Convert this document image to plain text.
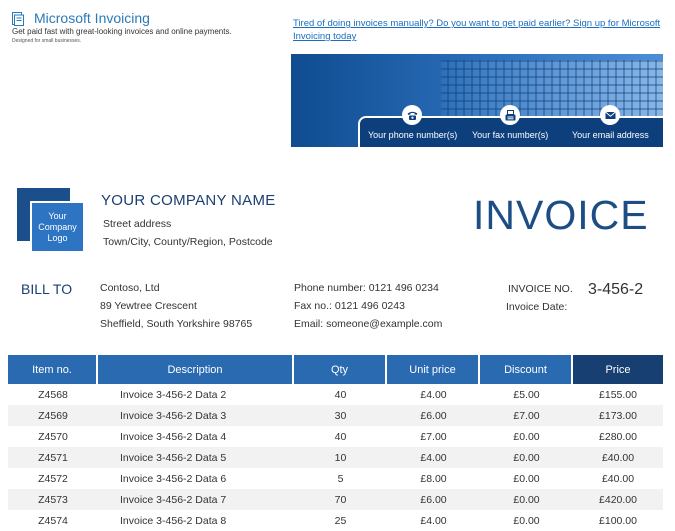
Microsoft Invoicing
Get paid fast with great-looking invoices and online payments.
Designed for small businesses.
Tired of doing invoices manually? Do you want to get paid earlier? Sign up for Microsoft Invoicing today
Your phone number(s) Your fax number(s)	Your email address
Your Company Logo
YOUR COMPANY NAME
Street address
Town/City, County/Region, Postcode
INVOICE
BILL TO	Contoso, Ltd
89 Yewtree Crescent
Sheffield, South Yorkshire 98765
Phone number: 0121 496 0234
Fax no.: 0121 496 0243
Email: someone@example.com
INVOICE NO. 3-456-2
Invoice Date:
Item no.	Description	Qty	Unit price	Discount	Price
Z4568	Invoice 3-456-2 Data 2	40	£4.00	£5.00	£155.00
Z4569	Invoice 3-456-2 Data 3	30	£6.00	£7.00	£173.00
Z4570	Invoice 3-456-2 Data 4	40	£7.00	£0.00	£280.00
Z4571	Invoice 3-456-2 Data 5	10	£4.00	£0.00	£40.00
Z4572	Invoice 3-456-2 Data 6	5	£8.00	£0.00	£40.00
Z4573	Invoice 3-456-2 Data 7	70	£6.00	£0.00	£420.00
Z4574	Invoice 3-456-2 Data 8	25	£4.00	£0.00	£100.00
